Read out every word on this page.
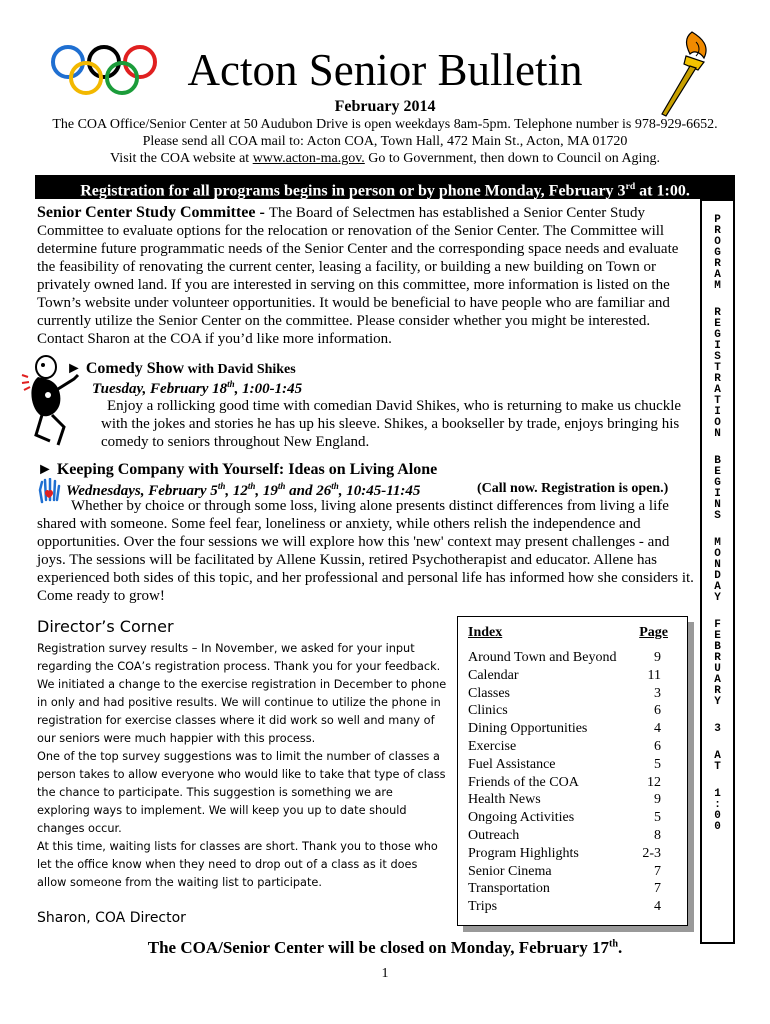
Acton Senior Bulletin
February 2014
The COA Office/Senior Center at 50 Audubon Drive is open weekdays 8am-5pm. Telephone number is 978-929-6652.
Please send all COA mail to: Acton COA, Town Hall, 472 Main St., Acton, MA 01720
Visit the COA website at www.acton-ma.gov. Go to Government, then down to Council on Aging.
Registration for all programs begins in person or by phone Monday, February 3rd at 1:00.
P
R
O
G
R
A
M
R
E
G
I
S
T
R
A
T
I
O
N
B
E
G
I
N
S
M
O
N
D
A
Y
F
E
B
R
U
A
R
Y
3
A
T
1
:
0
0

Senior Center Study Committee - The Board of Selectmen has established a Senior Center Study Committee to evaluate options for the relocation or renovation of the Senior Center. The Committee will determine future programmatic needs of the Senior Center and the corresponding space needs and evaluate the feasibility of renovating the current center, leasing a facility, or building a new building on Town or privately owned land. If you are interested in serving on this committee, more information is listed on the Town’s website under volunteer opportunities. It would be beneficial to have people who are familiar and currently utilize the Senior Center on the committee. Please consider whether you might be interested. Contact Sharon at the COA if you’d like more information.

► Comedy Show with David Shikes
Tuesday, February 18th, 1:00-1:45

Enjoy a rollicking good time with comedian David Shikes, who is returning to make us chuckle with the jokes and stories he has up his sleeve. Shikes, a bookseller by trade, enjoys bringing his comedy to seniors throughout New England.

► Keeping Company with Yourself: Ideas on Living Alone
Wednesdays, February 5th, 12th, 19th and 26th, 10:45-11:45	(Call now. Registration is open.)

Whether by choice or through some loss, living alone presents distinct differences from living a life shared with someone. Some feel fear, loneliness or anxiety, while others relish the independence and opportunities. Over the four sessions we will explore how this 'new' context may present challenges - and joys. The sessions will be facilitated by Allene Kussin, retired Psychotherapist and educator. Allene has experienced both sides of this topic, and her professional and personal life has informed how she considers it. Come ready to grow!

Director’s Corner

Registration survey results – In November, we asked for your input regarding the COA’s registration process. Thank you for your feedback. We initiated a change to the exercise registration in December to phone in only and had positive results. We will continue to utilize the phone in registration for exercise classes where it did work so well and many of our seniors were much happier with this process.

One of the top survey suggestions was to limit the number of classes a person takes to allow everyone who would like to take that type of class the chance to participate. This suggestion is something we are exploring ways to implement. We will keep you up to date should changes occur.

At this time, waiting lists for classes are short. Thank you to those who let the office know when they need to drop out of a class as it does allow someone from the waiting list to participate.

Sharon, COA Director
Index	Page
Around Town and Beyond	9
Calendar	11
Classes	3
Clinics	6
Dining Opportunities	4
Exercise	6
Fuel Assistance	5
Friends of the COA	12
Health News	9
Ongoing Activities	5
Outreach	8
Program Highlights	2-3
Senior Cinema	7
Transportation	7
Trips	4
The COA/Senior Center will be closed on Monday, February 17th.
1
